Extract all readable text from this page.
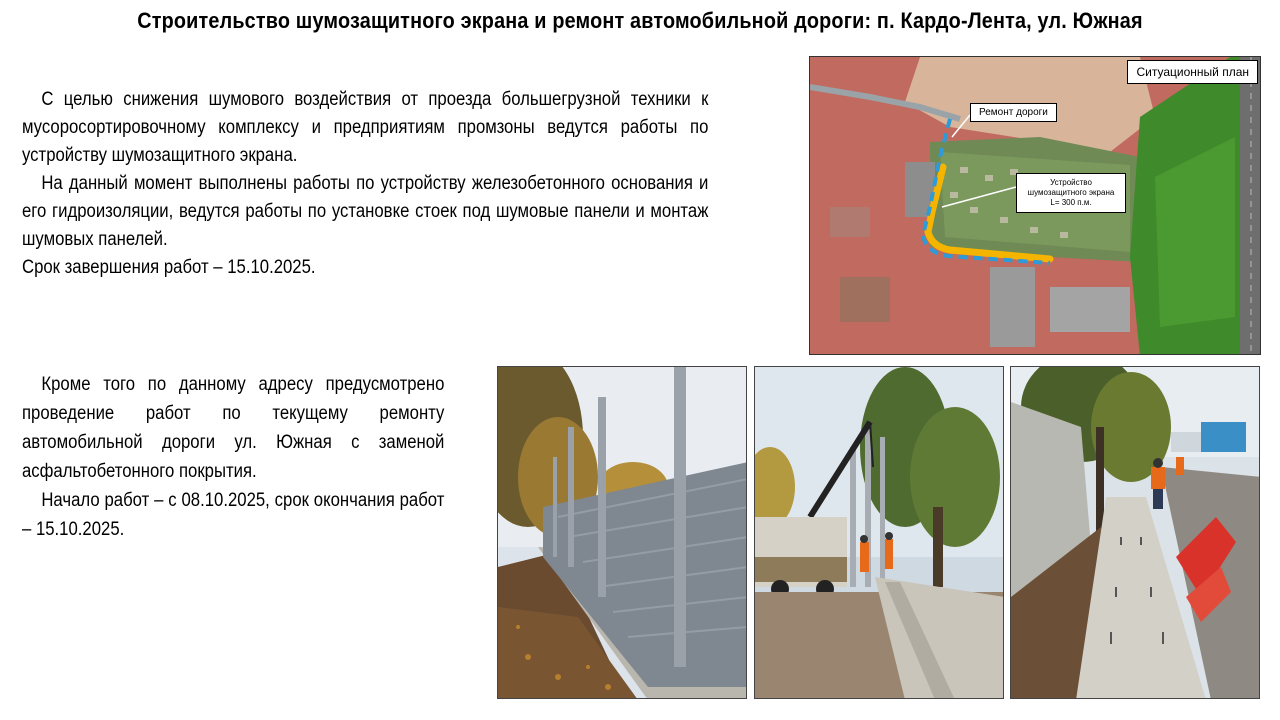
Строительство шумозащитного экрана и ремонт автомобильной дороги: п. Кардо-Лента, ул. Южная

С целью снижения шумового воздействия от проезда большегрузной техники к мусоросортировочному комплексу и предприятиям промзоны ведутся работы по устройству шумозащитного экрана.

На данный момент выполнены работы по устройству железобетонного основания и его гидроизоляции, ведутся работы по установке стоек под шумовые панели и монтаж шумовых панелей.

Срок завершения работ – 15.10.2025.

Кроме того по данному адресу предусмотрено проведение работ по текущему ремонту автомобильной дороги ул. Южная с заменой асфальтобетонного покрытия.

Начало работ – с 08.10.2025, срок окончания работ – 15.10.2025.

Ситуационный план
Ремонт дороги
Устройство шумозащитного экрана L= 300 п.м.
